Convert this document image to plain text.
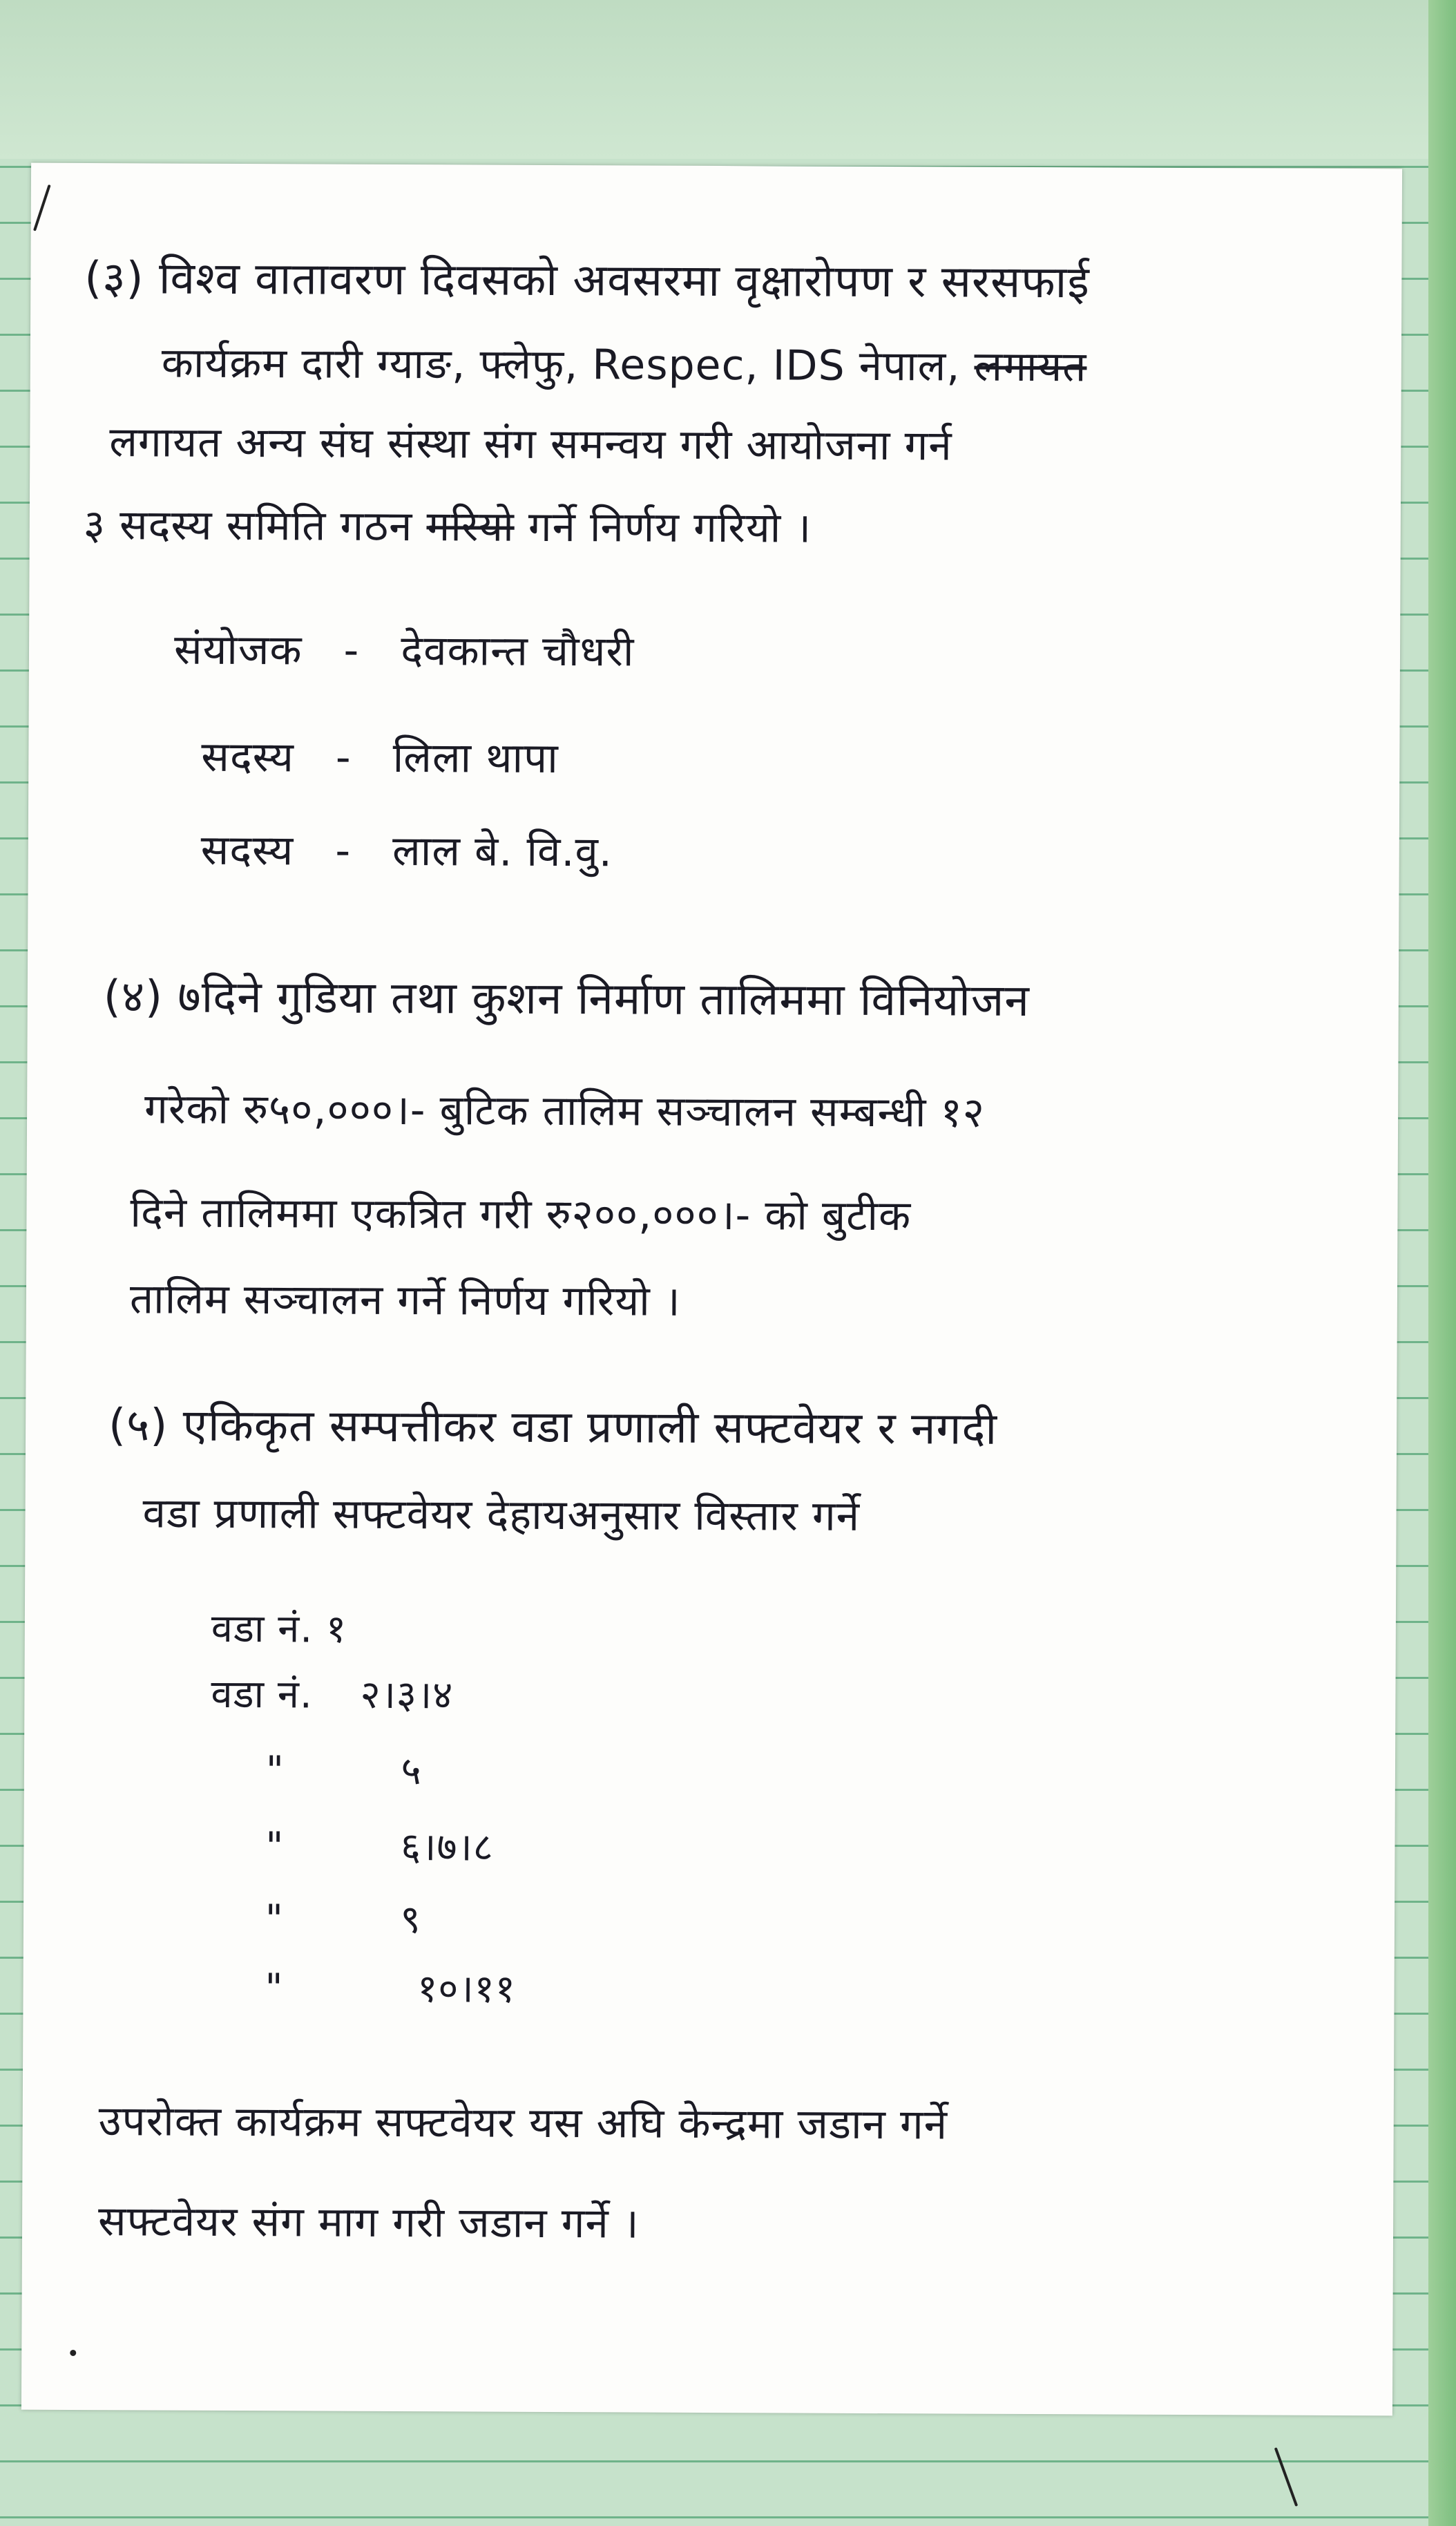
(३) विश्व वातावरण दिवसको अवसरमा वृक्षारोपण र सरसफाई
कार्यक्रम दारी ग्याङ, फ्लेफु, Respec, IDS नेपाल, लगायत
लगायत अन्य संघ संस्था संग समन्वय गरी आयोजना गर्न
३ सदस्य समिति गठन गरियो गर्ने निर्णय गरियो ।
संयोजक - देवकान्त चौधरी
सदस्य - लिला थापा
सदस्य - लाल बे. वि.वु.
(४) ७दिने गुडिया तथा कुशन निर्माण तालिममा विनियोजन
गरेको रु५०,०००।- बुटिक तालिम सञ्चालन सम्बन्धी १२
दिने तालिममा एकत्रित गरी रु२००,०००।- को बुटीक
तालिम सञ्चालन गर्ने निर्णय गरियो ।
(५) एकिकृत सम्पत्तीकर वडा प्रणाली सफ्टवेयर र नगदी
वडा प्रणाली सफ्टवेयर देहायअनुसार विस्तार गर्ने
वडा नं. १
वडा नं. २।३।४
"	५
"	६।७।८
"	९
"	१०।११
उपरोक्त कार्यक्रम सफ्टवेयर यस अघि केन्द्रमा जडान गर्ने
सफ्टवेयर संग माग गरी जडान गर्ने ।
